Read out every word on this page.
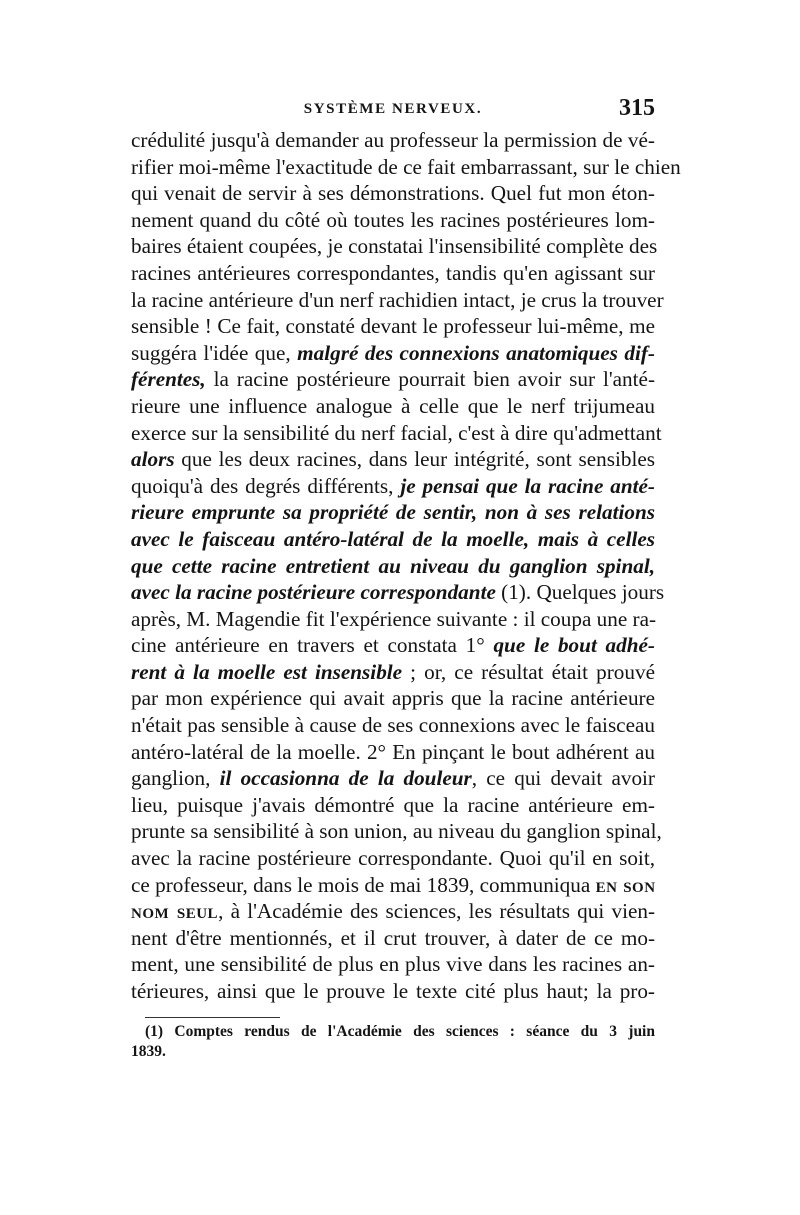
SYSTÈME NERVEUX.	315
crédulité jusqu'à demander au professeur la permission de vé-
rifier moi-même l'exactitude de ce fait embarrassant, sur le chien
qui venait de servir à ses démonstrations. Quel fut mon éton-
nement quand du côté où toutes les racines postérieures lom-
baires étaient coupées, je constatai l'insensibilité complète des
racines antérieures correspondantes, tandis qu'en agissant sur
la racine antérieure d'un nerf rachidien intact, je crus la trouver
sensible ! Ce fait, constaté devant le professeur lui-même, me
suggéra l'idée que, malgré des connexions anatomiques dif-
férentes, la racine postérieure pourrait bien avoir sur l'anté-
rieure une influence analogue à celle que le nerf trijumeau
exerce sur la sensibilité du nerf facial, c'est à dire qu'admettant
alors que les deux racines, dans leur intégrité, sont sensibles
quoiqu'à des degrés différents, je pensai que la racine anté-
rieure emprunte sa propriété de sentir, non à ses relations
avec le faisceau antéro-latéral de la moelle, mais à celles
que cette racine entretient au niveau du ganglion spinal,
avec la racine postérieure correspondante (1). Quelques jours
après, M. Magendie fit l'expérience suivante : il coupa une ra-
cine antérieure en travers et constata 1° que le bout adhé-
rent à la moelle est insensible ; or, ce résultat était prouvé
par mon expérience qui avait appris que la racine antérieure
n'était pas sensible à cause de ses connexions avec le faisceau
antéro-latéral de la moelle. 2° En pinçant le bout adhérent au
ganglion, il occasionna de la douleur, ce qui devait avoir
lieu, puisque j'avais démontré que la racine antérieure em-
prunte sa sensibilité à son union, au niveau du ganglion spinal,
avec la racine postérieure correspondante. Quoi qu'il en soit,
ce professeur, dans le mois de mai 1839, communiqua en son
nom seul, à l'Académie des sciences, les résultats qui vien-
nent d'être mentionnés, et il crut trouver, à dater de ce mo-
ment, une sensibilité de plus en plus vive dans les racines an-
térieures, ainsi que le prouve le texte cité plus haut; la pro-
(1) Comptes rendus de l'Académie des sciences : séance du 3 juin
1839.
